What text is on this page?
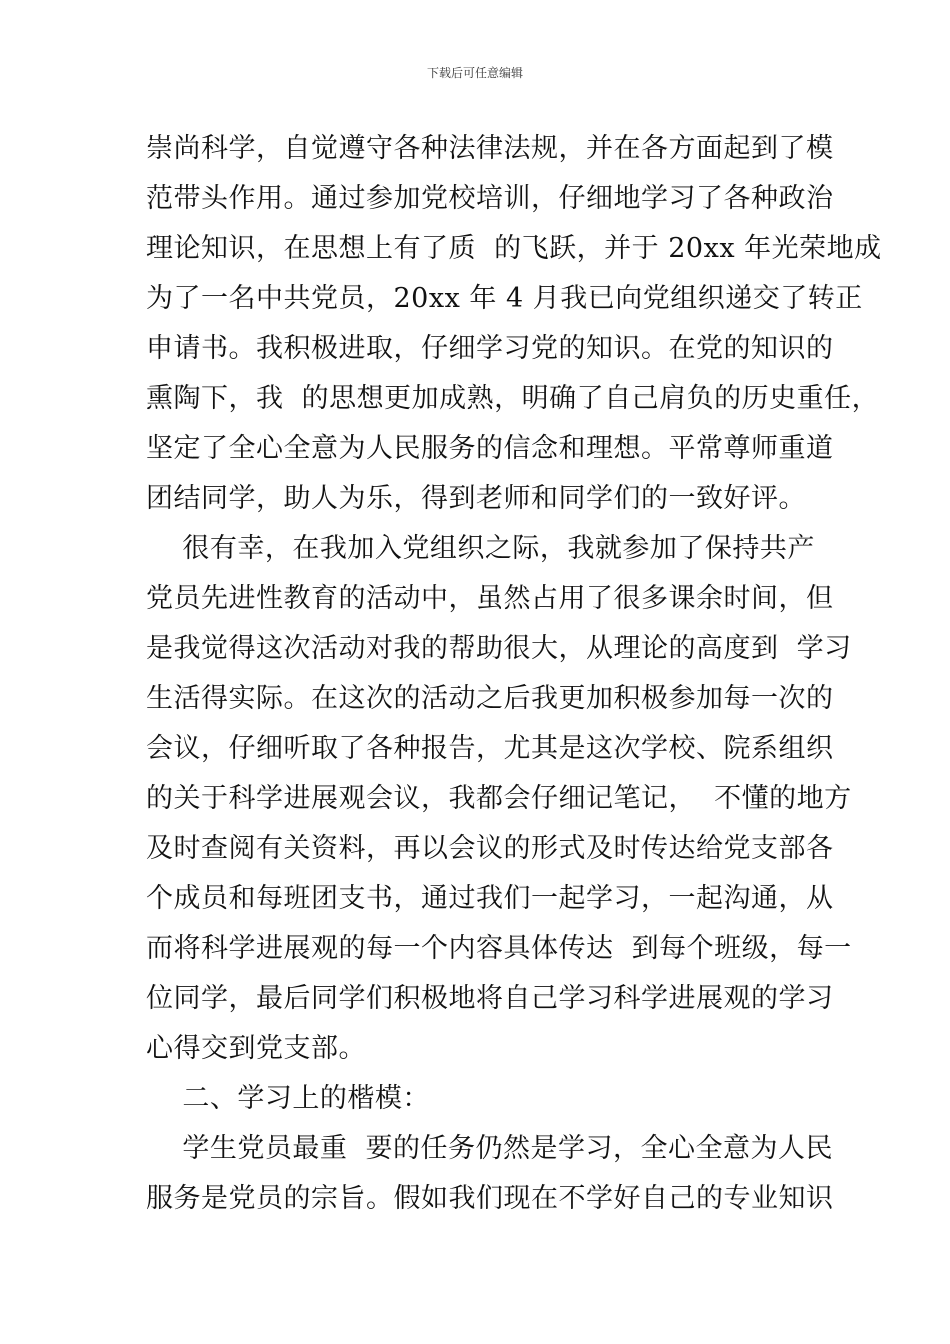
下载后可任意编辑
崇尚科学，自觉遵守各种法律法规，并在各方面起到了模
范带头作用。通过参加党校培训，仔细地学习了各种政治
理论知识，在思想上有了质  的飞跃，并于 20xx 年光荣地成
为了一名中共党员，20xx 年 4 月我已向党组织递交了转正
申请书。我积极进取，仔细学习党的知识。在党的知识的
熏陶下，我  的思想更加成熟，明确了自己肩负的历史重任，
坚定了全心全意为人民服务的信念和理想。平常尊师重道
团结同学，助人为乐，得到老师和同学们的一致好评。
很有幸，在我加入党组织之际，我就参加了保持共产
党员先进性教育的活动中，虽然占用了很多课余时间，但
是我觉得这次活动对我的帮助很大，从理论的高度到  学习
生活得实际。在这次的活动之后我更加积极参加每一次的
会议，仔细听取了各种报告，尤其是这次学校、院系组织
的关于科学进展观会议，我都会仔细记笔记，  不懂的地方
及时查阅有关资料，再以会议的形式及时传达给党支部各
个成员和每班团支书，通过我们一起学习，一起沟通，从
而将科学进展观的每一个内容具体传达  到每个班级，每一
位同学，最后同学们积极地将自己学习科学进展观的学习
心得交到党支部。
二、学习上的楷模：
学生党员最重  要的任务仍然是学习，全心全意为人民
服务是党员的宗旨。假如我们现在不学好自己的专业知识
